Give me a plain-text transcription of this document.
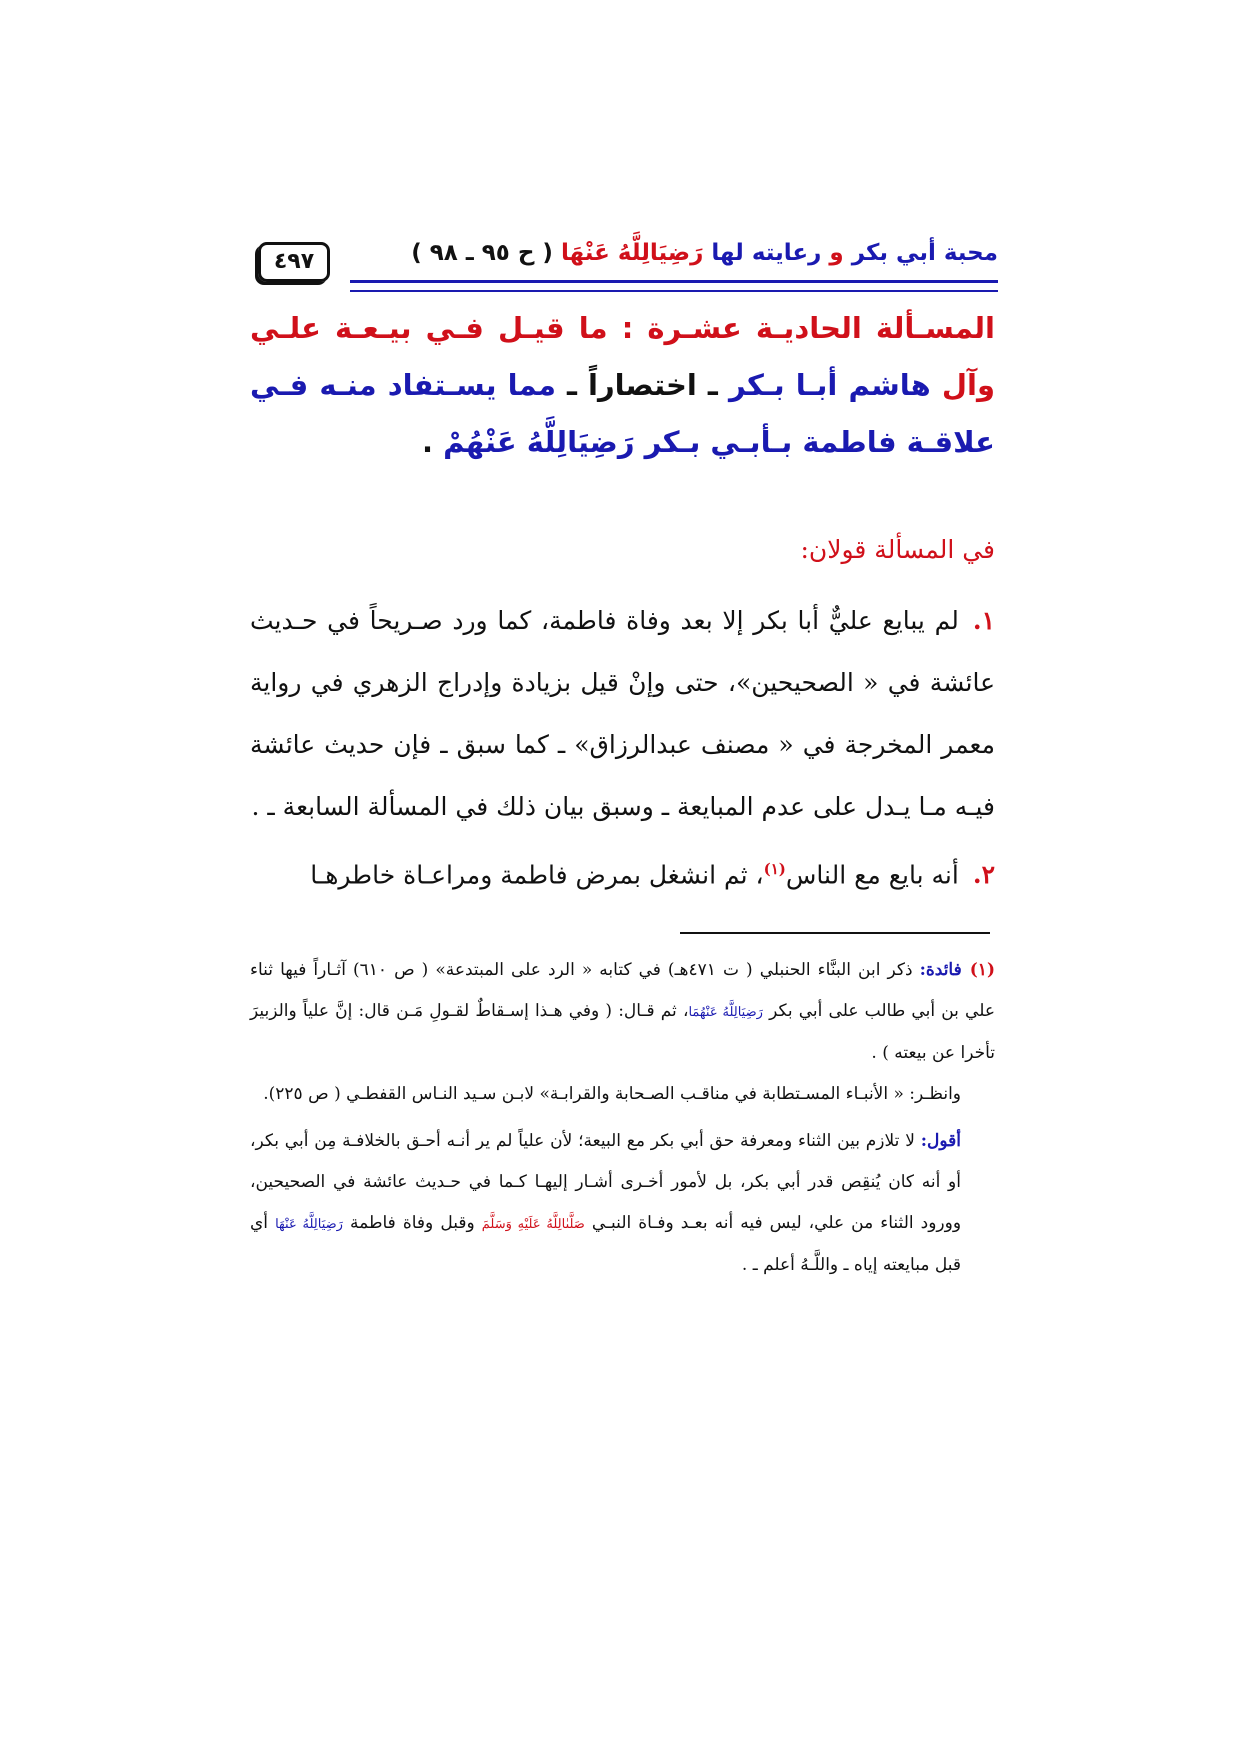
٤٩٧	محبة أبي بكر و رعايته لها رَضِيَالِلَّهُ عَنْهَا ( ح ٩٥ ـ ٩٨ )
المسـألة الحاديـة عشـرة : ما قيـل فـي بيـعـة علـي وآل هاشم أبـا بـكر ـ اختصاراً ـ مما يسـتفاد منـه فـي علاقـة فاطمة بـأبـي بـكر رَضِيَالِلَّهُ عَنْهُمْ .
في المسألة قولان:

١.لم يبايع عليٌّ أبا بكر إلا بعد وفاة فاطمة، كما ورد صـريحاً في حـديث عائشة في « الصحيحين»، حتى وإنْ قيل بزيادة وإدراج الزهري في رواية معمر المخرجة في « مصنف عبدالرزاق» ـ كما سبق ـ فإن حديث عائشة فيـه مـا يـدل على عدم المبايعة ـ وسبق بيان ذلك في المسألة السابعة ـ .

٢.أنه بايع مع الناس$^{(١)}$، ثم انشغل بمرض فاطمة ومراعـاة خاطرهـا

(١)فائدة: ذكر ابن البنَّاء الحنبلي ( ت ٤٧١هـ) في كتابه « الرد على المبتدعة» ( ص ٦١٠) آثـاراً فيها ثناء علي بن أبي طالب على أبي بكر رَضِيَالِلَّهُ عَنْهُمَا، ثم قـال: ( وفي هـذا إسـقاطٌ لقـولِ مَـن قال: إنَّ علياً والزبيرَ تأخرا عن بيعته ) .

وانظـر: « الأنبـاء المسـتطابة في مناقـب الصـحابة والقرابـة» لابـن سـيد النـاس القفطـي ( ص ٢٢٥).

أقول: لا تلازم بين الثناء ومعرفة حق أبي بكر مع البيعة؛ لأن علياً لم ير أنـه أحـق بالخلافـة مِن أبي بكر، أو أنه كان يُنقِص قدر أبي بكر، بل لأمور أخـرى أشـار إليهـا كـما في حـديث عائشة في الصحيحين، وورود الثناء من علي، ليس فيه أنه بعـد وفـاة النبـي صَلَّىٰالِلَّهُ عَلَيْهِ وَسَلَّمَ وقبل وفاة فاطمة رَضِيَالِلَّهُ عَنْهَا أي قبل مبايعته إياه ـ واللَّـهُ أعلم ـ .
